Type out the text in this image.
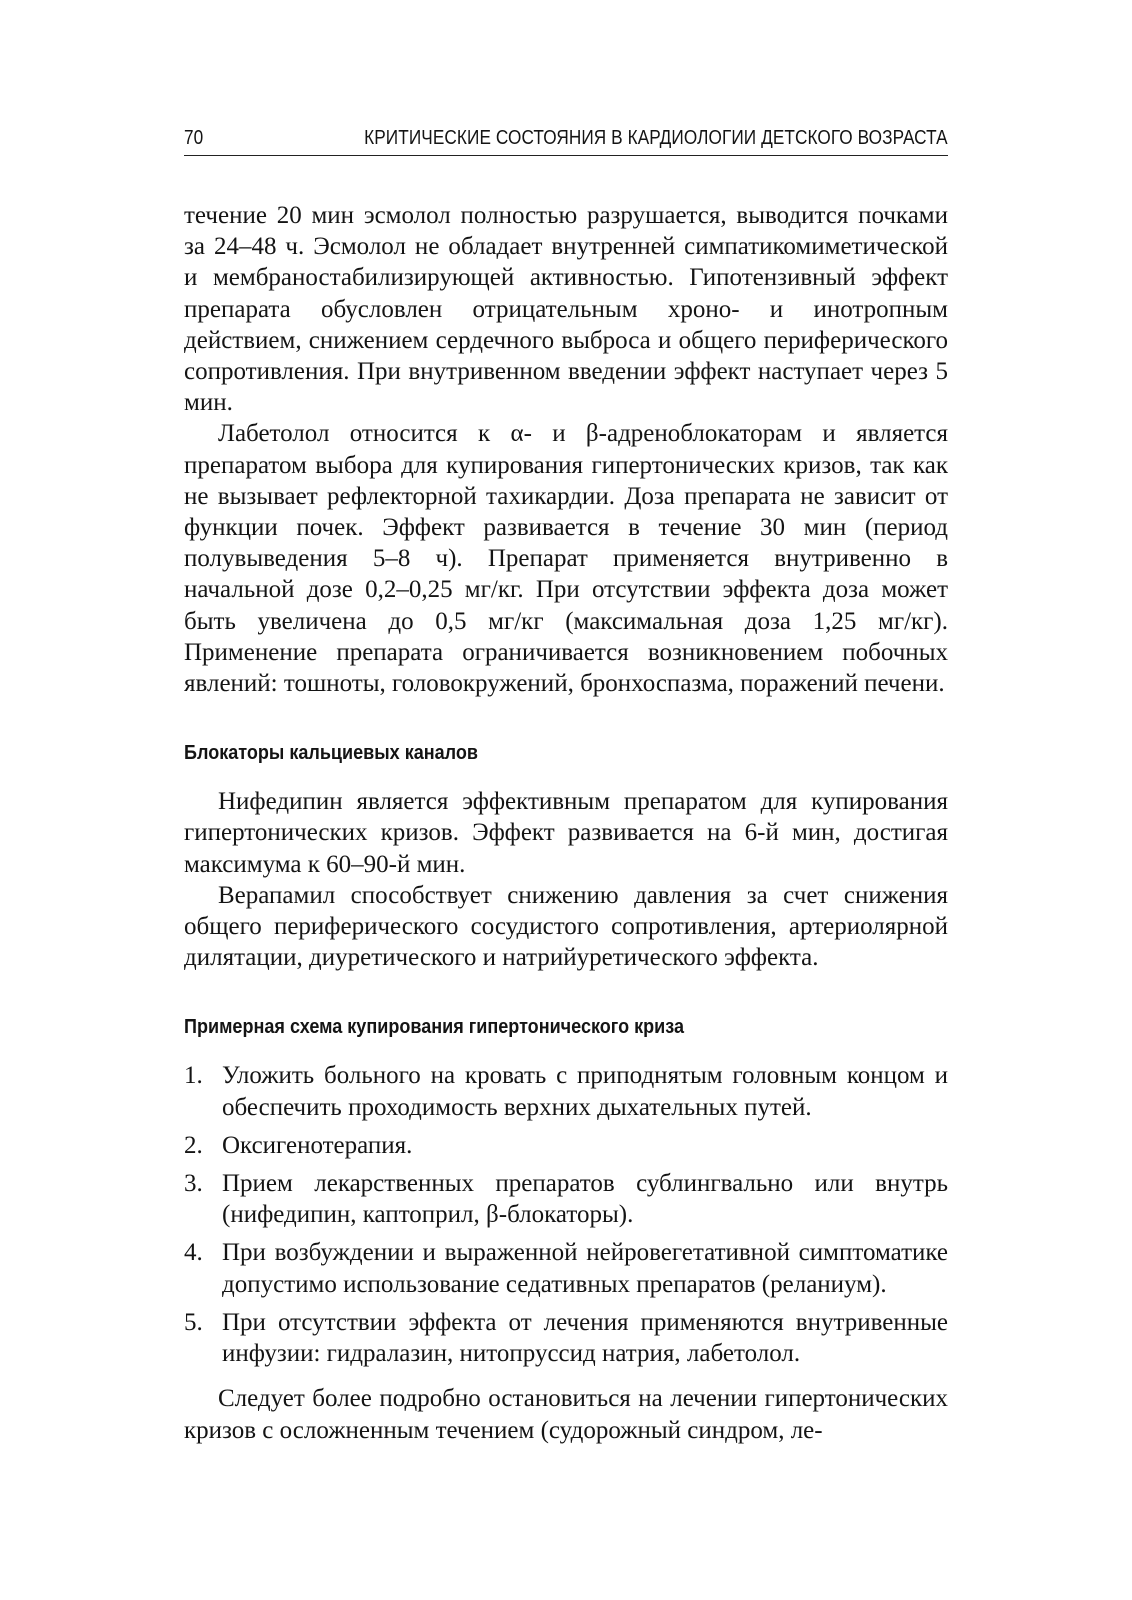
70	КРИТИЧЕСКИЕ СОСТОЯНИЯ В КАРДИОЛОГИИ ДЕТСКОГО ВОЗРАСТА

течение 20 мин эсмолол полностью разрушается, выводится почками за 24–48 ч. Эсмолол не обладает внутренней симпатикомиметической и мембраностабилизирующей активностью. Гипотензивный эффект препарата обусловлен отрицательным хроно- и инотропным действием, снижением сердечного выброса и общего периферического сопротивления. При внутривенном введении эффект наступает через 5 мин.

Лабетолол относится к α- и β-адреноблокаторам и является препаратом выбора для купирования гипертонических кризов, так как не вызывает рефлекторной тахикардии. Доза препарата не зависит от функции почек. Эффект развивается в течение 30 мин (период полувыведения 5–8 ч). Препарат применяется внутривенно в начальной дозе 0,2–0,25 мг/кг. При отсутствии эффекта доза может быть увеличена до 0,5 мг/кг (максимальная доза 1,25 мг/кг). Применение препарата ограничивается возникновением побочных явлений: тошноты, головокружений, бронхоспазма, поражений печени.

Блокаторы кальциевых каналов

Нифедипин является эффективным препаратом для купирования гипертонических кризов. Эффект развивается на 6-й мин, достигая максимума к 60–90-й мин.

Верапамил способствует снижению давления за счет снижения общего периферического сосудистого сопротивления, артериолярной дилятации, диуретического и натрийуретического эффекта.

Примерная схема купирования гипертонического криза
1. Уложить больного на кровать с приподнятым головным концом и обеспечить проходимость верхних дыхательных путей.
2. Оксигенотерапия.
3. Прием лекарственных препаратов сублингвально или внутрь (нифедипин, каптоприл, β-блокаторы).
4. При возбуждении и выраженной нейровегетативной симптоматике допустимо использование седативных препаратов (реланиум).
5. При отсутствии эффекта от лечения применяются внутривенные инфузии: гидралазин, нитопруссид натрия, лабетолол.

Следует более подробно остановиться на лечении гипертонических кризов с осложненным течением (судорожный синдром, ле-
